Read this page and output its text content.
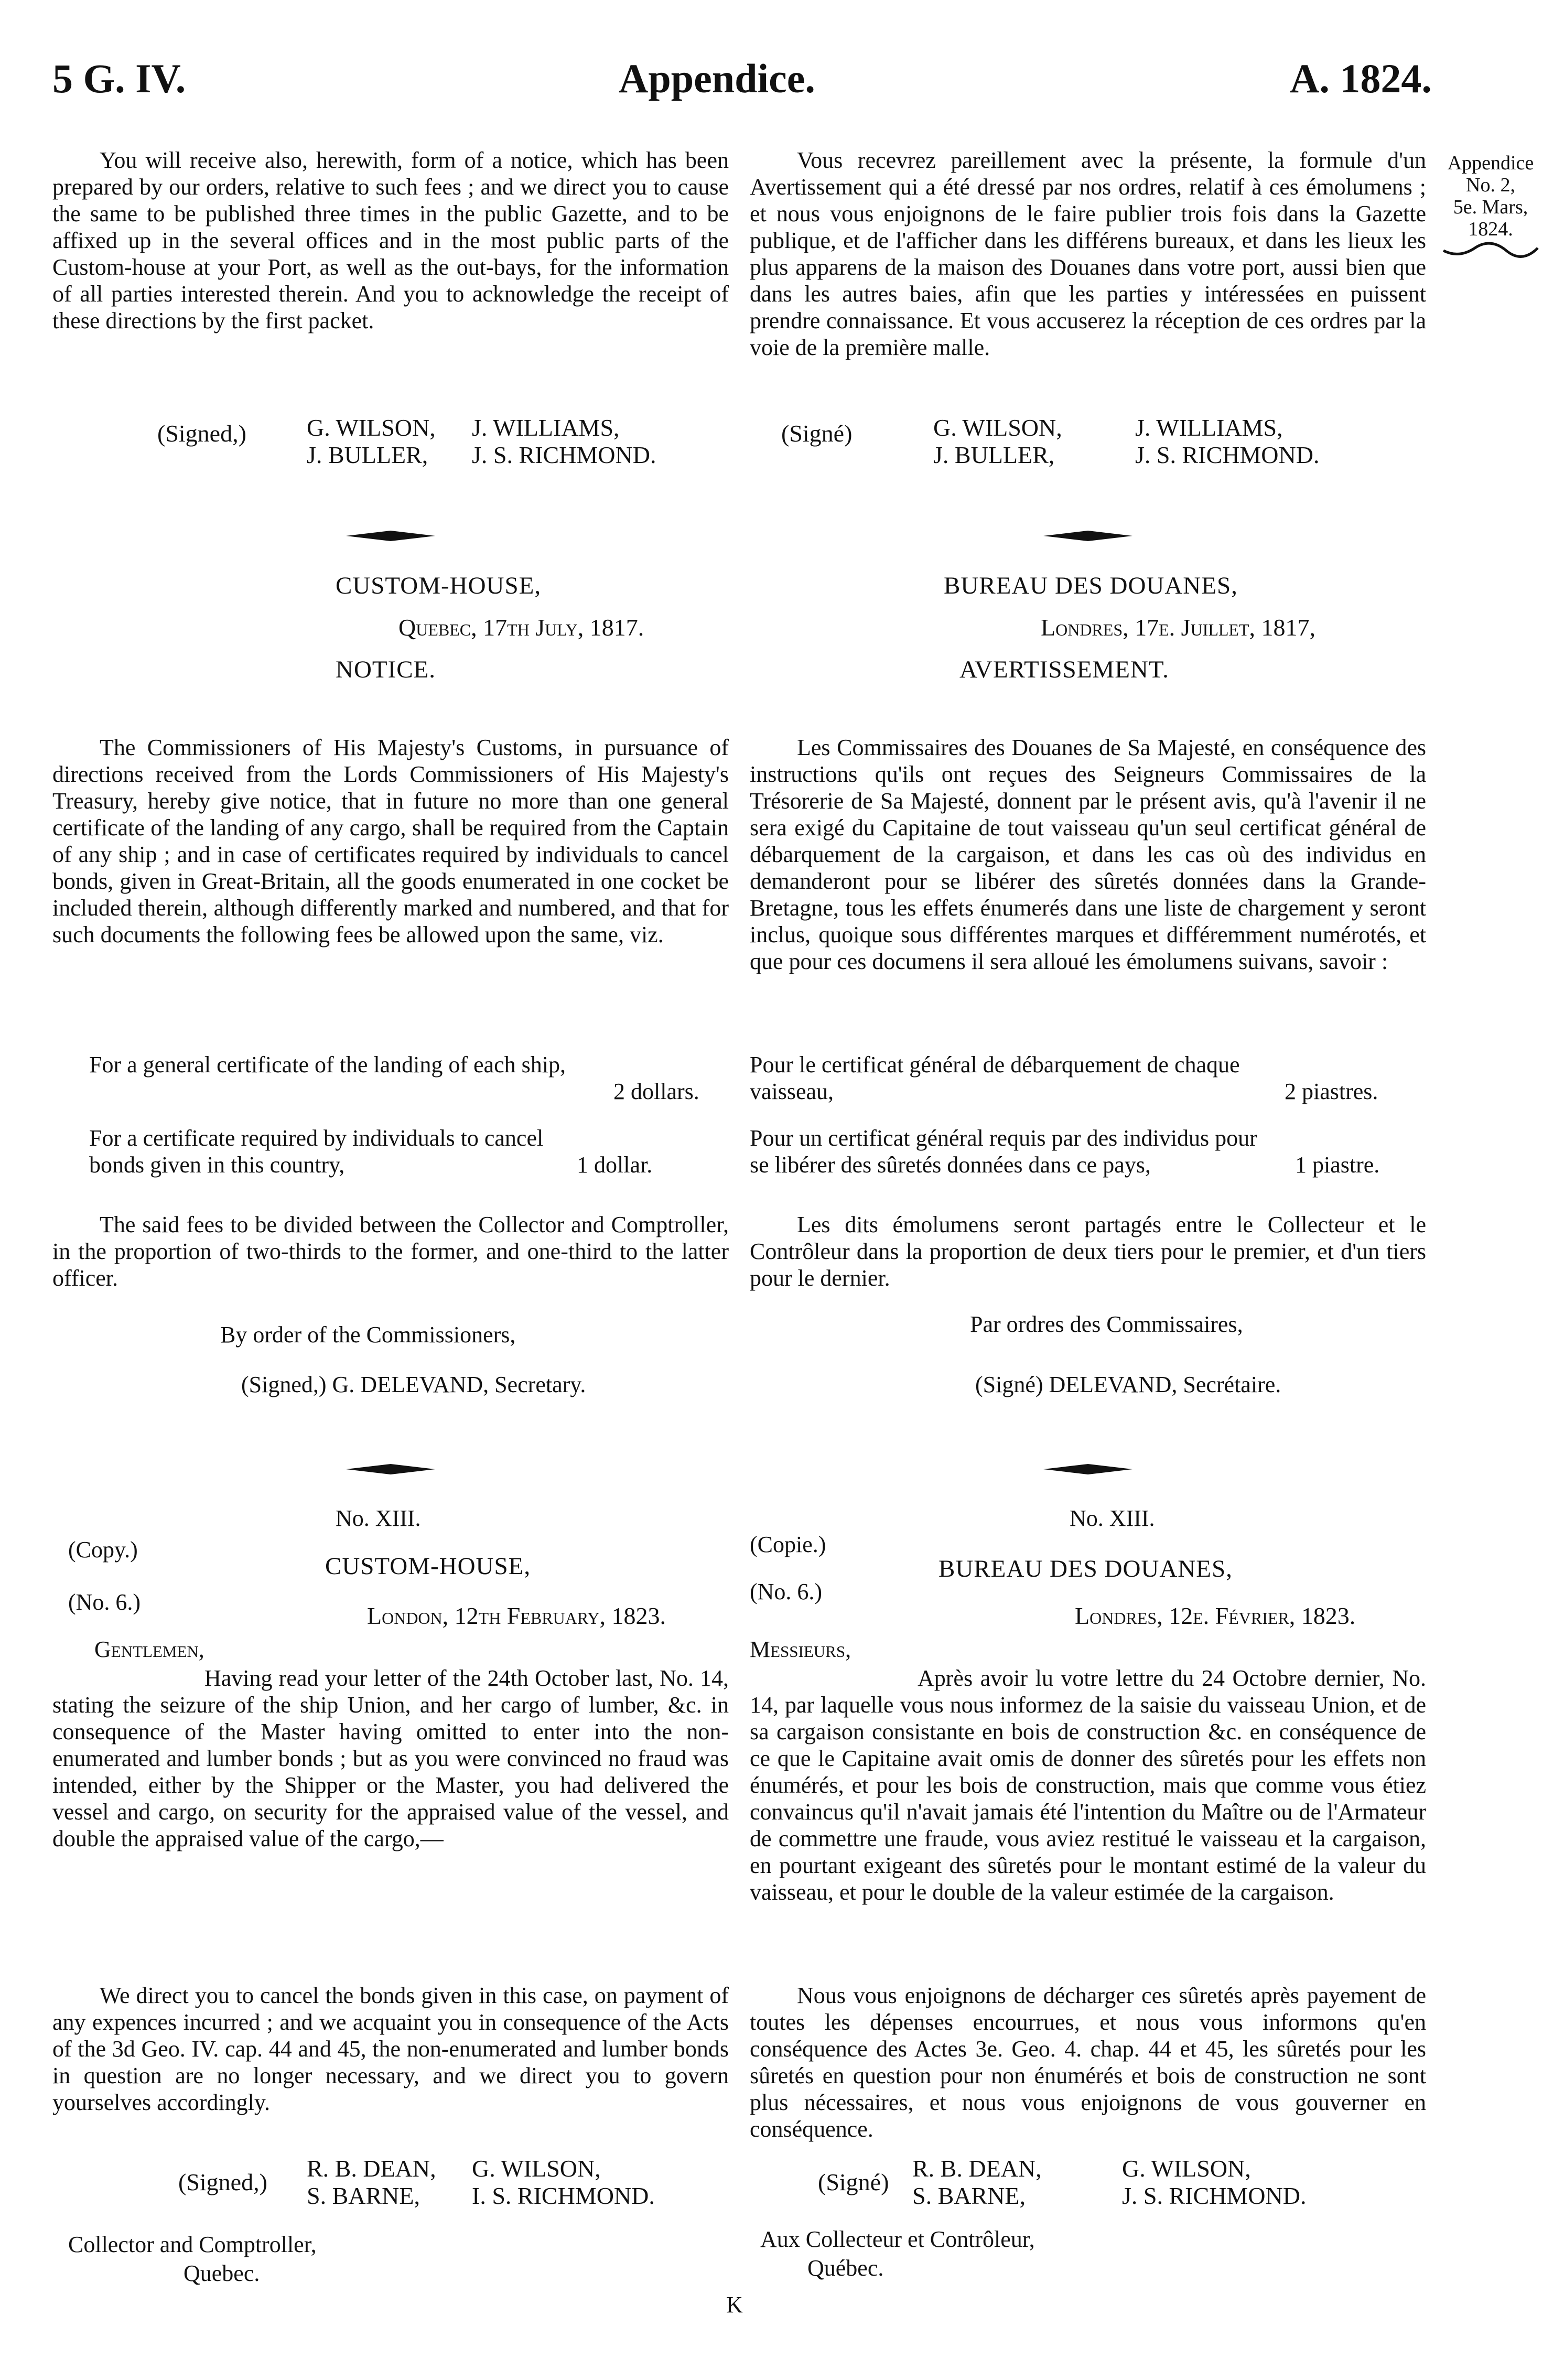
5 G. IV.	Appendice.	A. 1824.
Appendice
No. 2,
5e. Mars,
1824.

You will receive also, herewith, form of a notice, which has been prepared by our orders, relative to such fees ; and we direct you to cause the same to be published three times in the public Gazette, and to be affixed up in the several offices and in the most public parts of the Custom-house at your Port, as well as the out-bays, for the information of all parties interested therein. And you to acknowledge the receipt of these directions by the first packet.

(Signed,)	G. WILSON, J. WILLIAMS,
J. BULLER, J. S. RICHMOND.
CUSTOM-HOUSE,
Quebec, 17th July, 1817.
NOTICE.

The Commissioners of His Majesty's Customs, in pursuance of directions received from the Lords Commissioners of His Majesty's Treasury, hereby give notice, that in future no more than one general certificate of the landing of any cargo, shall be required from the Captain of any ship ; and in case of certificates required by individuals to cancel bonds, given in Great-Britain, all the goods enumerated in one cocket be included therein, although differently marked and numbered, and that for such documents the following fees be allowed upon the same, viz.

For a general certificate of the landing of each ship,
2 dollars.
For a certificate required by individuals to cancel bonds given in this country,	1 dollar.

The said fees to be divided between the Collector and Comptroller, in the proportion of two-thirds to the former, and one-third to the latter officer.

By order of the Commissioners,
(Signed,) G. DELEVAND, Secretary.
No. XIII.
(Copy.)
CUSTOM-HOUSE,
(No. 6.)
London, 12th February, 1823.
Gentlemen,

Having read your letter of the 24th October last, No. 14, stating the seizure of the ship Union, and her cargo of lumber, &c. in consequence of the Master having omitted to enter into the non-enumerated and lumber bonds ; but as you were convinced no fraud was intended, either by the Shipper or the Master, you had delivered the vessel and cargo, on security for the appraised value of the vessel, and double the appraised value of the cargo,—

We direct you to cancel the bonds given in this case, on payment of any expences incurred ; and we acquaint you in consequence of the Acts of the 3d Geo. IV. cap. 44 and 45, the non-enumerated and lumber bonds in question are no longer necessary, and we direct you to govern yourselves accordingly.

(Signed,)
R. B. DEAN, G. WILSON,
S. BARNE, I. S. RICHMOND.
Collector and Comptroller,
Quebec.

Vous recevrez pareillement avec la présente, la formule d'un Avertissement qui a été dressé par nos ordres, relatif à ces émolumens ; et nous vous enjoignons de le faire publier trois fois dans la Gazette publique, et de l'afficher dans les différens bureaux, et dans les lieux les plus apparens de la maison des Douanes dans votre port, aussi bien que dans les autres baies, afin que les parties y intéressées en puissent prendre connaissance. Et vous accuserez la réception de ces ordres par la voie de la première malle.

(Signé)	G. WILSON,	J. WILLIAMS,
J. BULLER,	J. S. RICHMOND.
BUREAU DES DOUANES,
Londres, 17e. Juillet, 1817,
AVERTISSEMENT.

Les Commissaires des Douanes de Sa Majesté, en conséquence des instructions qu'ils ont reçues des Seigneurs Commissaires de la Trésorerie de Sa Majesté, donnent par le présent avis, qu'à l'avenir il ne sera exigé du Capitaine de tout vaisseau qu'un seul certificat général de débarquement de la cargaison, et dans les cas où des individus en demanderont pour se libérer des sûretés données dans la Grande-Bretagne, tous les effets énumerés dans une liste de chargement y seront inclus, quoique sous différentes marques et différemment numérotés, et que pour ces documens il sera alloué les émolumens suivans, savoir :

Pour le certificat général de débarquement de chaque vaisseau,	2 piastres.
Pour un certificat général requis par des individus pour se libérer des sûretés données dans ce pays,	1 piastre.

Les dits émolumens seront partagés entre le Collecteur et le Contrôleur dans la proportion de deux tiers pour le premier, et d'un tiers pour le dernier.

Par ordres des Commissaires,
(Signé) DELEVAND, Secrétaire.
No. XIII.
(Copie.)
BUREAU DES DOUANES,
(No. 6.)
Londres, 12e. Février, 1823.
Messieurs,

Après avoir lu votre lettre du 24 Octobre dernier, No. 14, par laquelle vous nous informez de la saisie du vaisseau Union, et de sa cargaison consistante en bois de construction &c. en conséquence de ce que le Capitaine avait omis de donner des sûretés pour les effets non énumérés, et pour les bois de construction, mais que comme vous étiez convaincus qu'il n'avait jamais été l'intention du Maître ou de l'Armateur de commettre une fraude, vous aviez restitué le vaisseau et la cargaison, en pourtant exigeant des sûretés pour le montant estimé de la valeur du vaisseau, et pour le double de la valeur estimée de la cargaison.

Nous vous enjoignons de décharger ces sûretés après payement de toutes les dépenses encourrues, et nous vous informons qu'en conséquence des Actes 3e. Geo. 4. chap. 44 et 45, les sûretés pour les sûretés en question pour non énumérés et bois de construction ne sont plus nécessaires, et nous vous enjoignons de vous gouverner en conséquence.

(Signé)
R. B. DEAN,	G. WILSON,
S. BARNE,	J. S. RICHMOND.
Aux Collecteur et Contrôleur,
Québec.
K
